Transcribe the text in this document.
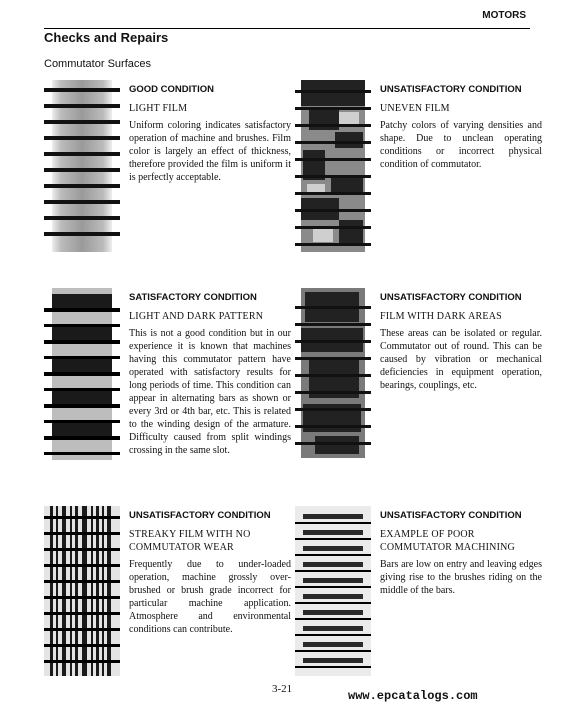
MOTORS
Checks and Repairs
Commutator Surfaces
GOOD CONDITION
LIGHT FILM
Uniform coloring indicates satisfactory operation of machine and brushes. Film color is largely an effect of thickness, therefore provided the film is uniform it is perfectly acceptable.
UNSATISFACTORY CONDITION
UNEVEN FILM
Patchy colors of varying densities and shape. Due to unclean operating conditions or incorrect physical condition of commutator.
SATISFACTORY CONDITION
LIGHT AND DARK PATTERN
This is not a good condition but in our experience it is known that machines having this commutator pattern have operated with satisfactory results for long periods of time. This condition can appear in alternating bars as shown or every 3rd or 4th bar, etc. This is related to the winding design of the armature. Difficulty caused from split windings crossing in the same slot.
UNSATISFACTORY CONDITION
FILM WITH DARK AREAS
These areas can be isolated or regular. Commutator out of round. This can be caused by vibration or mechanical deficiencies in equipment operation, bearings, couplings, etc.
UNSATISFACTORY CONDITION
STREAKY FILM WITH NO COMMUTATOR WEAR
Frequently due to under-loaded operation, machine grossly over-brushed or brush grade incorrect for particular machine application. Atmosphere and environmental conditions can contribute.
UNSATISFACTORY CONDITION
EXAMPLE OF POOR COMMUTATOR MACHINING
Bars are low on entry and leaving edges giving rise to the brushes riding on the middle of the bars.
3-21	www.epcatalogs.com
